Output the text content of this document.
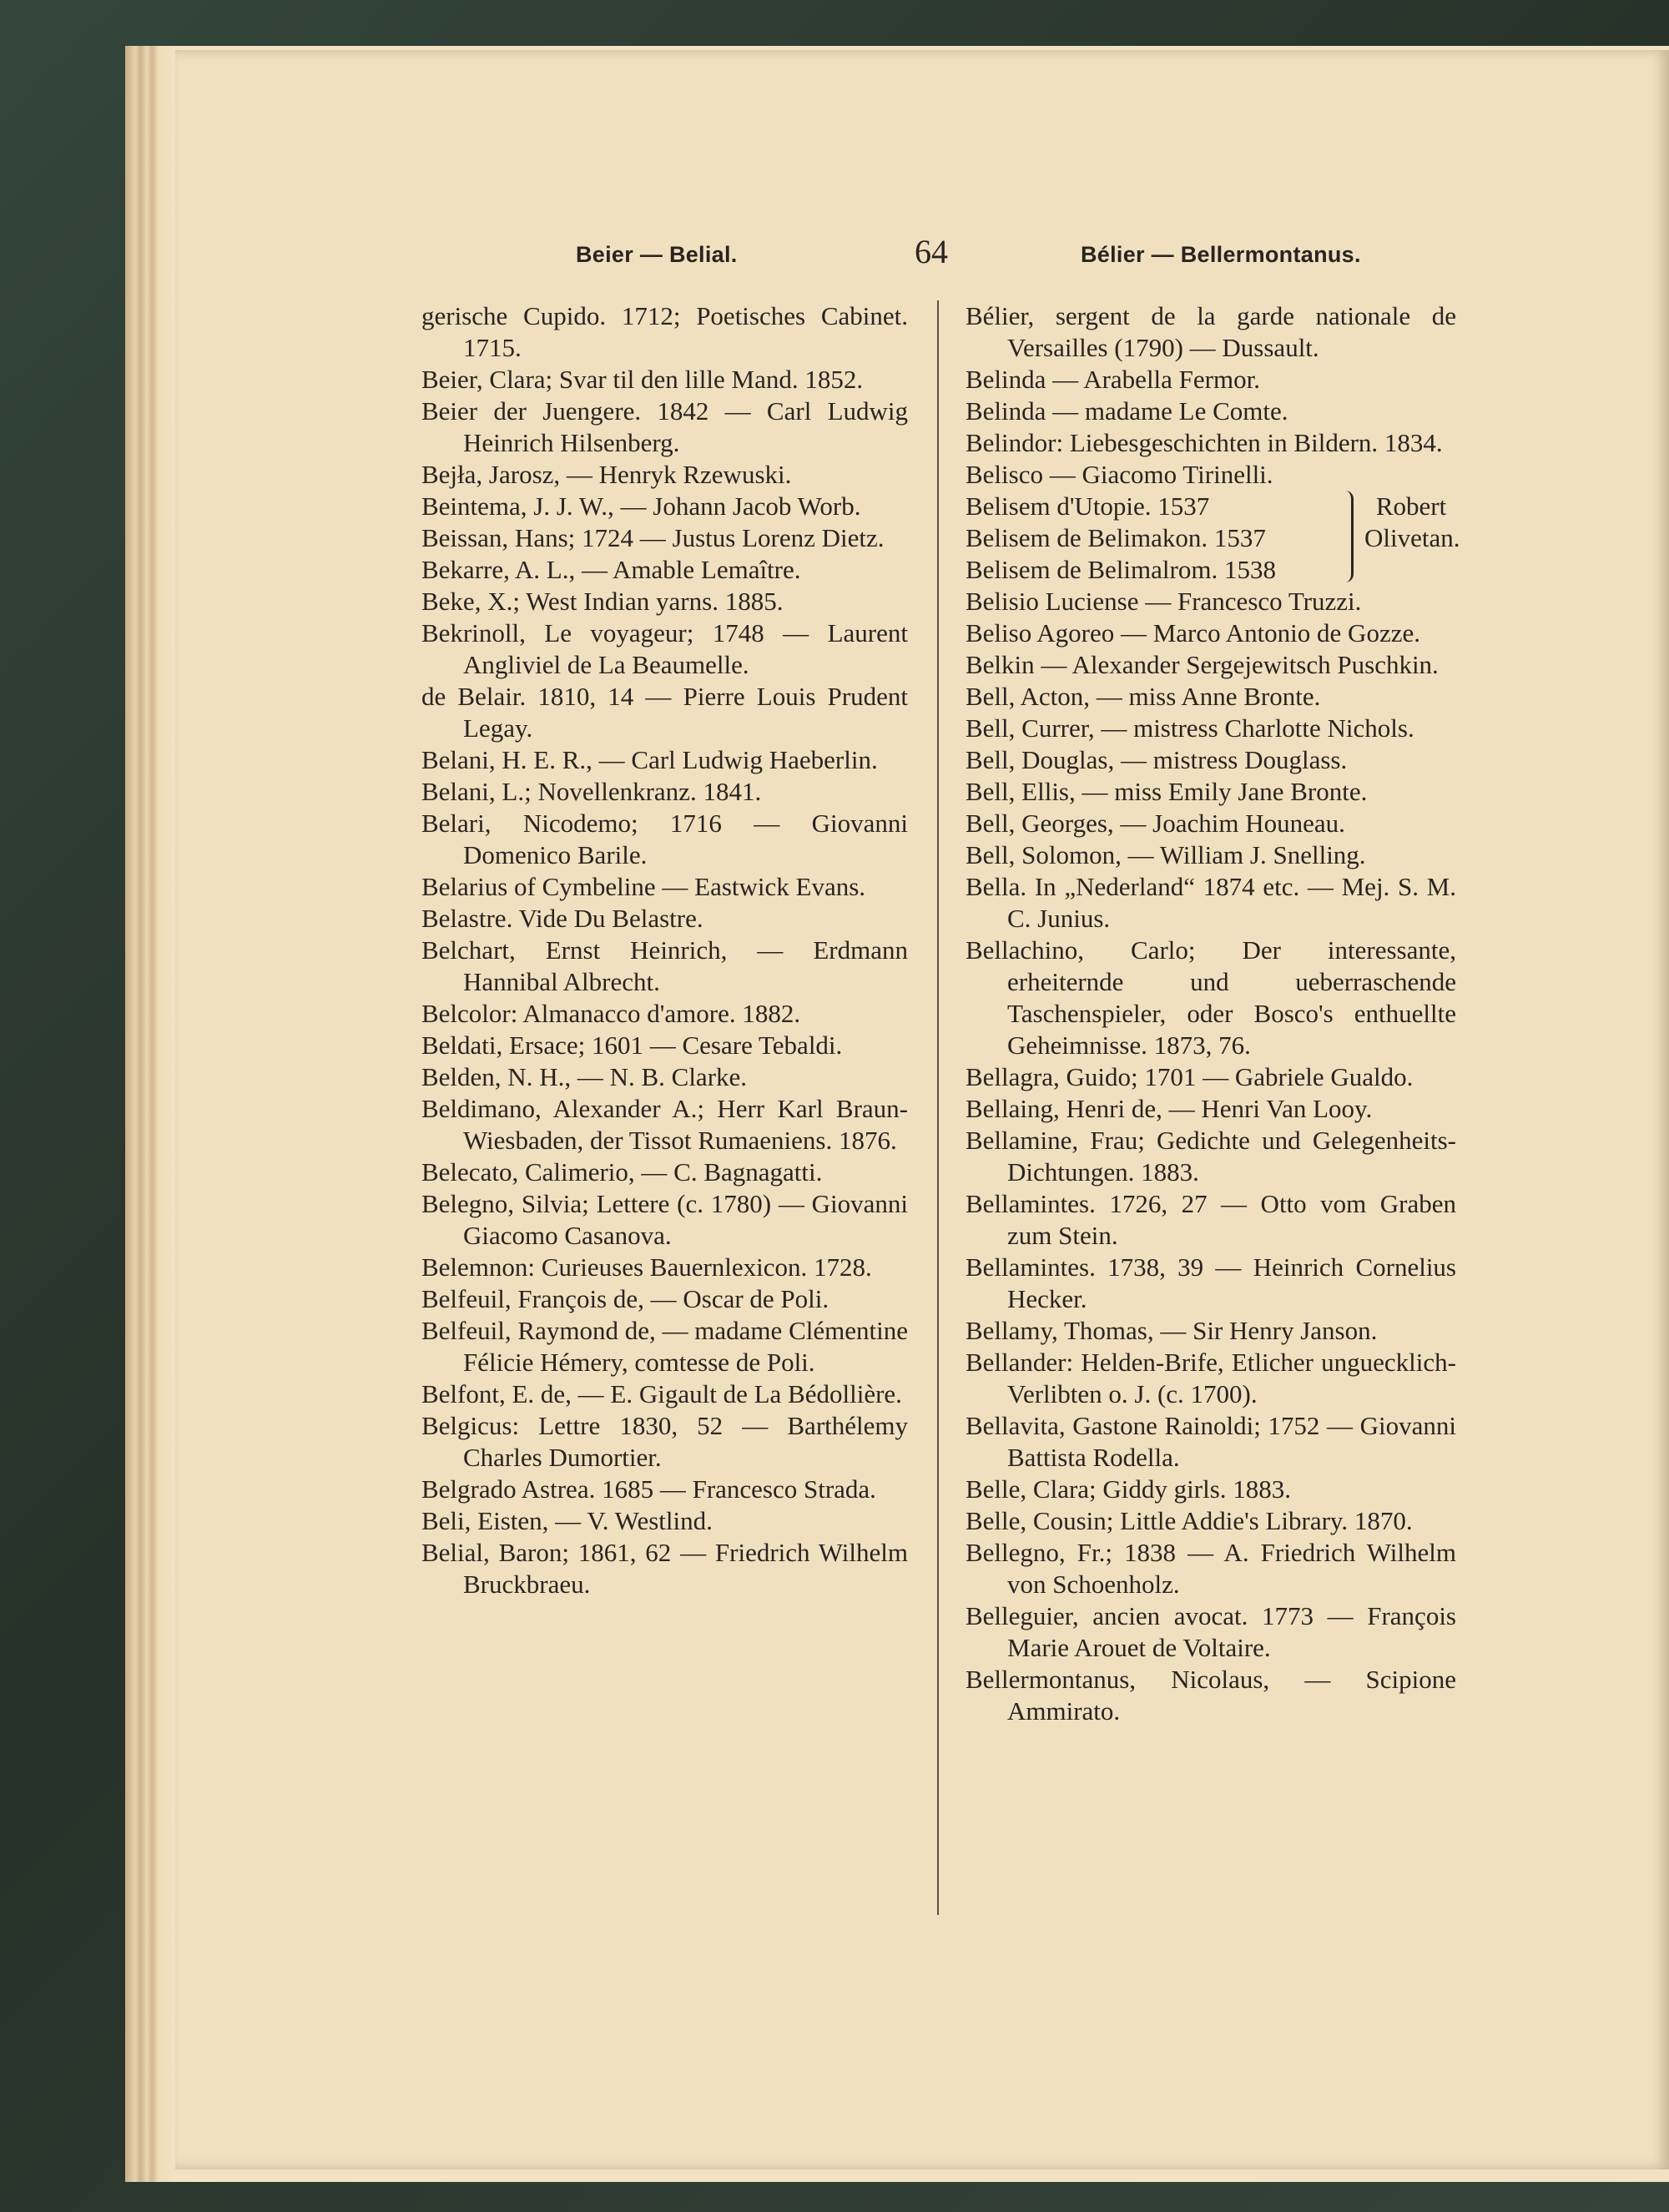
Beier — Belial.	64	Bélier — Bellermontanus.
gerische Cupido. 1712; Poetisches Cabinet. 1715.
Beier, Clara; Svar til den lille Mand. 1852.
Beier der Juengere. 1842 — Carl Ludwig Heinrich Hilsenberg.
Bejła, Jarosz, — Henryk Rzewuski.
Beintema, J. J. W., — Johann Jacob Worb.
Beissan, Hans; 1724 — Justus Lorenz Dietz.
Bekarre, A. L., — Amable Lemaître.
Beke, X.; West Indian yarns. 1885.
Bekrinoll, Le voyageur; 1748 — Laurent Angliviel de La Beaumelle.
de Belair. 1810, 14 — Pierre Louis Prudent Legay.
Belani, H. E. R., — Carl Ludwig Haeberlin.
Belani, L.; Novellenkranz. 1841.
Belari, Nicodemo; 1716 — Giovanni Domenico Barile.
Belarius of Cymbeline — Eastwick Evans.
Belastre. Vide Du Belastre.
Belchart, Ernst Heinrich, — Erdmann Hannibal Albrecht.
Belcolor: Almanacco d'amore. 1882.
Beldati, Ersace; 1601 — Cesare Tebaldi.
Belden, N. H., — N. B. Clarke.
Beldimano, Alexander A.; Herr Karl Braun-Wiesbaden, der Tissot Rumaeniens. 1876.
Belecato, Calimerio, — C. Bagnagatti.
Belegno, Silvia; Lettere (c. 1780) — Giovanni Giacomo Casanova.
Belemnon: Curieuses Bauernlexicon. 1728.
Belfeuil, François de, — Oscar de Poli.
Belfeuil, Raymond de, — madame Clémentine Félicie Hémery, comtesse de Poli.
Belfont, E. de, — E. Gigault de La Bédollière.
Belgicus: Lettre 1830, 52 — Barthélemy Charles Dumortier.
Belgrado Astrea. 1685 — Francesco Strada.
Beli, Eisten, — V. Westlind.
Belial, Baron; 1861, 62 — Friedrich Wilhelm Bruckbraeu.
Bélier, sergent de la garde nationale de Versailles (1790) — Dussault.
Belinda — Arabella Fermor.
Belinda — madame Le Comte.
Belindor: Liebesgeschichten in Bildern. 1834.
Belisco — Giacomo Tirinelli.
Belisem d'Utopie. 1537
Belisem de Belimakon. 1537
Belisem de Belimalrom. 1538
Robert Olivetan.
Belisio Luciense — Francesco Truzzi.
Beliso Agoreo — Marco Antonio de Gozze.
Belkin — Alexander Sergejewitsch Puschkin.
Bell, Acton, — miss Anne Bronte.
Bell, Currer, — mistress Charlotte Nichols.
Bell, Douglas, — mistress Douglass.
Bell, Ellis, — miss Emily Jane Bronte.
Bell, Georges, — Joachim Houneau.
Bell, Solomon, — William J. Snelling.
Bella. In „Nederland“ 1874 etc. — Mej. S. M. C. Junius.
Bellachino, Carlo; Der interessante, erheiternde und ueberraschende Taschenspieler, oder Bosco's enthuellte Geheimnisse. 1873, 76.
Bellagra, Guido; 1701 — Gabriele Gualdo.
Bellaing, Henri de, — Henri Van Looy.
Bellamine, Frau; Gedichte und Gelegenheits-Dichtungen. 1883.
Bellamintes. 1726, 27 — Otto vom Graben zum Stein.
Bellamintes. 1738, 39 — Heinrich Cornelius Hecker.
Bellamy, Thomas, — Sir Henry Janson.
Bellander: Helden-Brife, Etlicher unguecklich-Verlibten o. J. (c. 1700).
Bellavita, Gastone Rainoldi; 1752 — Giovanni Battista Rodella.
Belle, Clara; Giddy girls. 1883.
Belle, Cousin; Little Addie's Library. 1870.
Bellegno, Fr.; 1838 — A. Friedrich Wilhelm von Schoenholz.
Belleguier, ancien avocat. 1773 — François Marie Arouet de Voltaire.
Bellermontanus, Nicolaus, — Scipione Ammirato.
